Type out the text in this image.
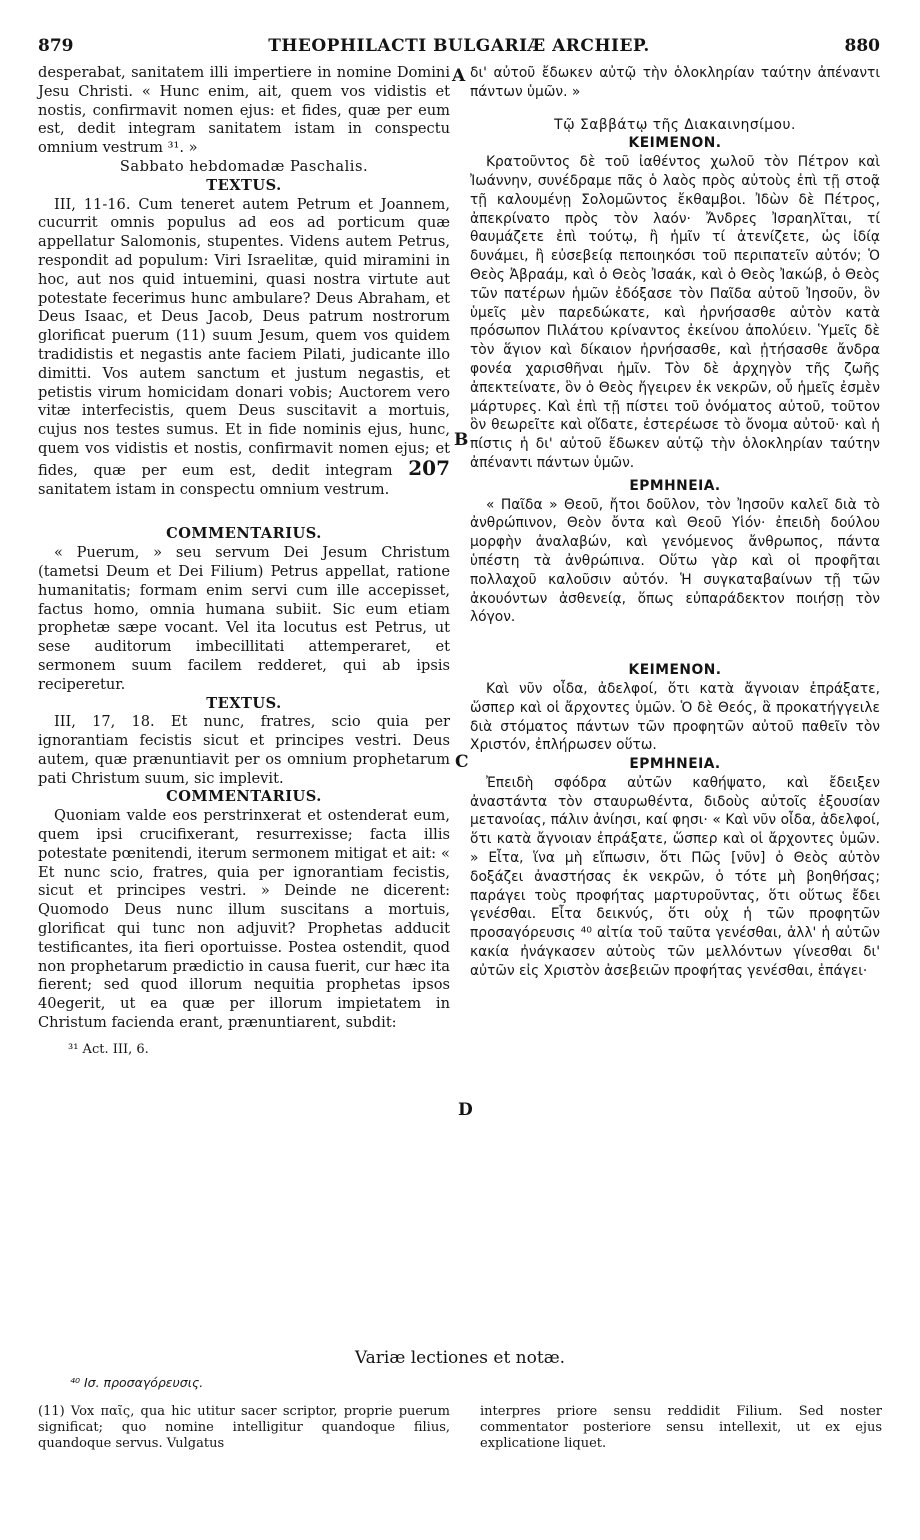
879	THEOPHILACTI BULGARIÆ ARCHIEP.	880
A
B
C
D

desperabat, sanitatem illi impertiere in nomine Domini Jesu Christi. « Hunc enim, ait, quem vos vidistis et nostis, confirmavit nomen ejus: et fides, quæ per eum est, dedit integram sanitatem istam in conspectu omnium vestrum ³¹. »

Sabbato hebdomadæ Paschalis.

TEXTUS.

III, 11-16. Cum teneret autem Petrum et Joannem, cucurrit omnis populus ad eos ad porticum quæ appellatur Salomonis, stupentes. Videns autem Petrus, respondit ad populum: Viri Israelitæ, quid miramini in hoc, aut nos quid intuemini, quasi nostra virtute aut potestate fecerimus hunc ambulare? Deus Abraham, et Deus Isaac, et Deus Jacob, Deus patrum nostrorum glorificat puerum (11) suum Jesum, quem vos quidem tradidistis et negastis ante faciem Pilati, judicante illo dimitti. Vos autem sanctum et justum negastis, et petistis virum homicidam donari vobis; Auctorem vero vitæ interfecistis, quem Deus suscitavit a mortuis, cujus nos testes sumus. Et in fide nominis ejus, hunc, quem vos vidistis et nostis, confirmavit nomen ejus; et fides, quæ per eum est, dedit integram 207 sanitatem istam in conspectu omnium vestrum.

COMMENTARIUS.

« Puerum, » seu servum Dei Jesum Christum (tametsi Deum et Dei Filium) Petrus appellat, ratione humanitatis; formam enim servi cum ille accepisset, factus homo, omnia humana subiit. Sic eum etiam prophetæ sæpe vocant. Vel ita locutus est Petrus, ut sese auditorum imbecillitati attemperaret, et sermonem suum facilem redderet, qui ab ipsis reciperetur.

TEXTUS.

III, 17, 18. Et nunc, fratres, scio quia per ignorantiam fecistis sicut et principes vestri. Deus autem, quæ prænuntiavit per os omnium prophetarum pati Christum suum, sic implevit.

COMMENTARIUS.

Quoniam valde eos perstrinxerat et ostenderat eum, quem ipsi crucifixerant, resurrexisse; facta illis potestate pœnitendi, iterum sermonem mitigat et ait: « Et nunc scio, fratres, quia per ignorantiam fecistis, sicut et principes vestri. » Deinde ne dicerent: Quomodo Deus nunc illum suscitans a mortuis, glorificat qui tunc non adjuvit? Prophetas adducit testificantes, ita fieri oportuisse. Postea ostendit, quod non prophetarum prædictio in causa fuerit, cur hæc ita fierent; sed quod illorum nequitia prophetas ipsos 40egerit, ut ea quæ per illorum impietatem in Christum facienda erant, prænuntiarent, subdit:

³¹ Act. III, 6.

δι' αὐτοῦ ἔδωκεν αὐτῷ τὴν ὁλοκληρίαν ταύτην ἀπέναντι πάντων ὑμῶν. »

Τῷ Σαββάτῳ τῆς Διακαινησίμου.

ΚΕΙΜΕΝΟΝ.

Κρατοῦντος δὲ τοῦ ἰαθέντος χωλοῦ τὸν Πέτρον καὶ Ἰωάννην, συνέδραμε πᾶς ὁ λαὸς πρὸς αὐτοὺς ἐπὶ τῇ στοᾷ τῇ καλουμένῃ Σολομῶντος ἔκθαμβοι. Ἰδὼν δὲ Πέτρος, ἀπεκρίνατο πρὸς τὸν λαόν· Ἄνδρες Ἰσραηλῖται, τί θαυμάζετε ἐπὶ τούτῳ, ἢ ἡμῖν τί ἀτενίζετε, ὡς ἰδίᾳ δυνάμει, ἢ εὐσεβείᾳ πεποιηκόσι τοῦ περιπατεῖν αὐτόν; Ὁ Θεὸς Ἀβραάμ, καὶ ὁ Θεὸς Ἰσαάκ, καὶ ὁ Θεὸς Ἰακώβ, ὁ Θεὸς τῶν πατέρων ἡμῶν ἐδόξασε τὸν Παῖδα αὐτοῦ Ἰησοῦν, ὃν ὑμεῖς μὲν παρεδώκατε, καὶ ἠρνήσασθε αὐτὸν κατὰ πρόσωπον Πιλάτου κρίναντος ἐκείνου ἀπολύειν. Ὑμεῖς δὲ τὸν ἅγιον καὶ δίκαιον ἠρνήσασθε, καὶ ᾐτήσασθε ἄνδρα φονέα χαρισθῆναι ἡμῖν. Τὸν δὲ ἀρχηγὸν τῆς ζωῆς ἀπεκτείνατε, ὃν ὁ Θεὸς ἤγειρεν ἐκ νεκρῶν, οὗ ἡμεῖς ἐσμὲν μάρτυρες. Καὶ ἐπὶ τῇ πίστει τοῦ ὀνόματος αὐτοῦ, τοῦτον ὃν θεωρεῖτε καὶ οἴδατε, ἐστερέωσε τὸ ὄνομα αὐτοῦ· καὶ ἡ πίστις ἡ δι' αὐτοῦ ἔδωκεν αὐτῷ τὴν ὁλοκληρίαν ταύτην ἀπέναντι πάντων ὑμῶν.

ΕΡΜΗΝΕΙΑ.

« Παῖδα » Θεοῦ, ἤτοι δοῦλον, τὸν Ἰησοῦν καλεῖ διὰ τὸ ἀνθρώπινον, Θεὸν ὄντα καὶ Θεοῦ Υἱόν· ἐπειδὴ δούλου μορφὴν ἀναλαβών, καὶ γενόμενος ἄνθρωπος, πάντα ὑπέστη τὰ ἀνθρώπινα. Οὕτω γὰρ καὶ οἱ προφῆται πολλαχοῦ καλοῦσιν αὐτόν. Ἡ συγκαταβαίνων τῇ τῶν ἀκουόντων ἀσθενείᾳ, ὅπως εὐπαράδεκτον ποιήσῃ τὸν λόγον.

ΚΕΙΜΕΝΟΝ.

Καὶ νῦν οἶδα, ἀδελφοί, ὅτι κατὰ ἄγνοιαν ἐπράξατε, ὥσπερ καὶ οἱ ἄρχοντες ὑμῶν. Ὁ δὲ Θεός, ἃ προκατήγγειλε διὰ στόματος πάντων τῶν προφητῶν αὐτοῦ παθεῖν τὸν Χριστόν, ἐπλήρωσεν οὕτω.

ΕΡΜΗΝΕΙΑ.

Ἐπειδὴ σφόδρα αὐτῶν καθήψατο, καὶ ἔδειξεν ἀναστάντα τὸν σταυρωθέντα, διδοὺς αὐτοῖς ἐξουσίαν μετανοίας, πάλιν ἀνίησι, καί φησι· « Καὶ νῦν οἶδα, ἀδελφοί, ὅτι κατὰ ἄγνοιαν ἐπράξατε, ὥσπερ καὶ οἱ ἄρχοντες ὑμῶν. » Εἶτα, ἵνα μὴ εἴπωσιν, ὅτι Πῶς [νῦν] ὁ Θεὸς αὐτὸν δοξάζει ἀναστήσας ἐκ νεκρῶν, ὁ τότε μὴ βοηθήσας; παράγει τοὺς προφήτας μαρτυροῦντας, ὅτι οὕτως ἔδει γενέσθαι. Εἶτα δεικνύς, ὅτι οὐχ ἡ τῶν προφητῶν προσαγόρευσις ⁴⁰ αἰτία τοῦ ταῦτα γενέσθαι, ἀλλ' ἡ αὐτῶν κακία ἠνάγκασεν αὐτοὺς τῶν μελλόντων γίνεσθαι δι' αὐτῶν εἰς Χριστὸν ἀσεβειῶν προφήτας γενέσθαι, ἐπάγει·

Variæ lectiones et notæ.
⁴⁰ Ισ. προσαγόρευσις.

(11) Vox παῖς, qua hic utitur sacer scriptor, proprie puerum significat; quo nomine intelligitur quandoque filius, quandoque servus. Vulgatus

interpres priore sensu reddidit Filium. Sed noster commentator posteriore sensu intellexit, ut ex ejus explicatione liquet.
